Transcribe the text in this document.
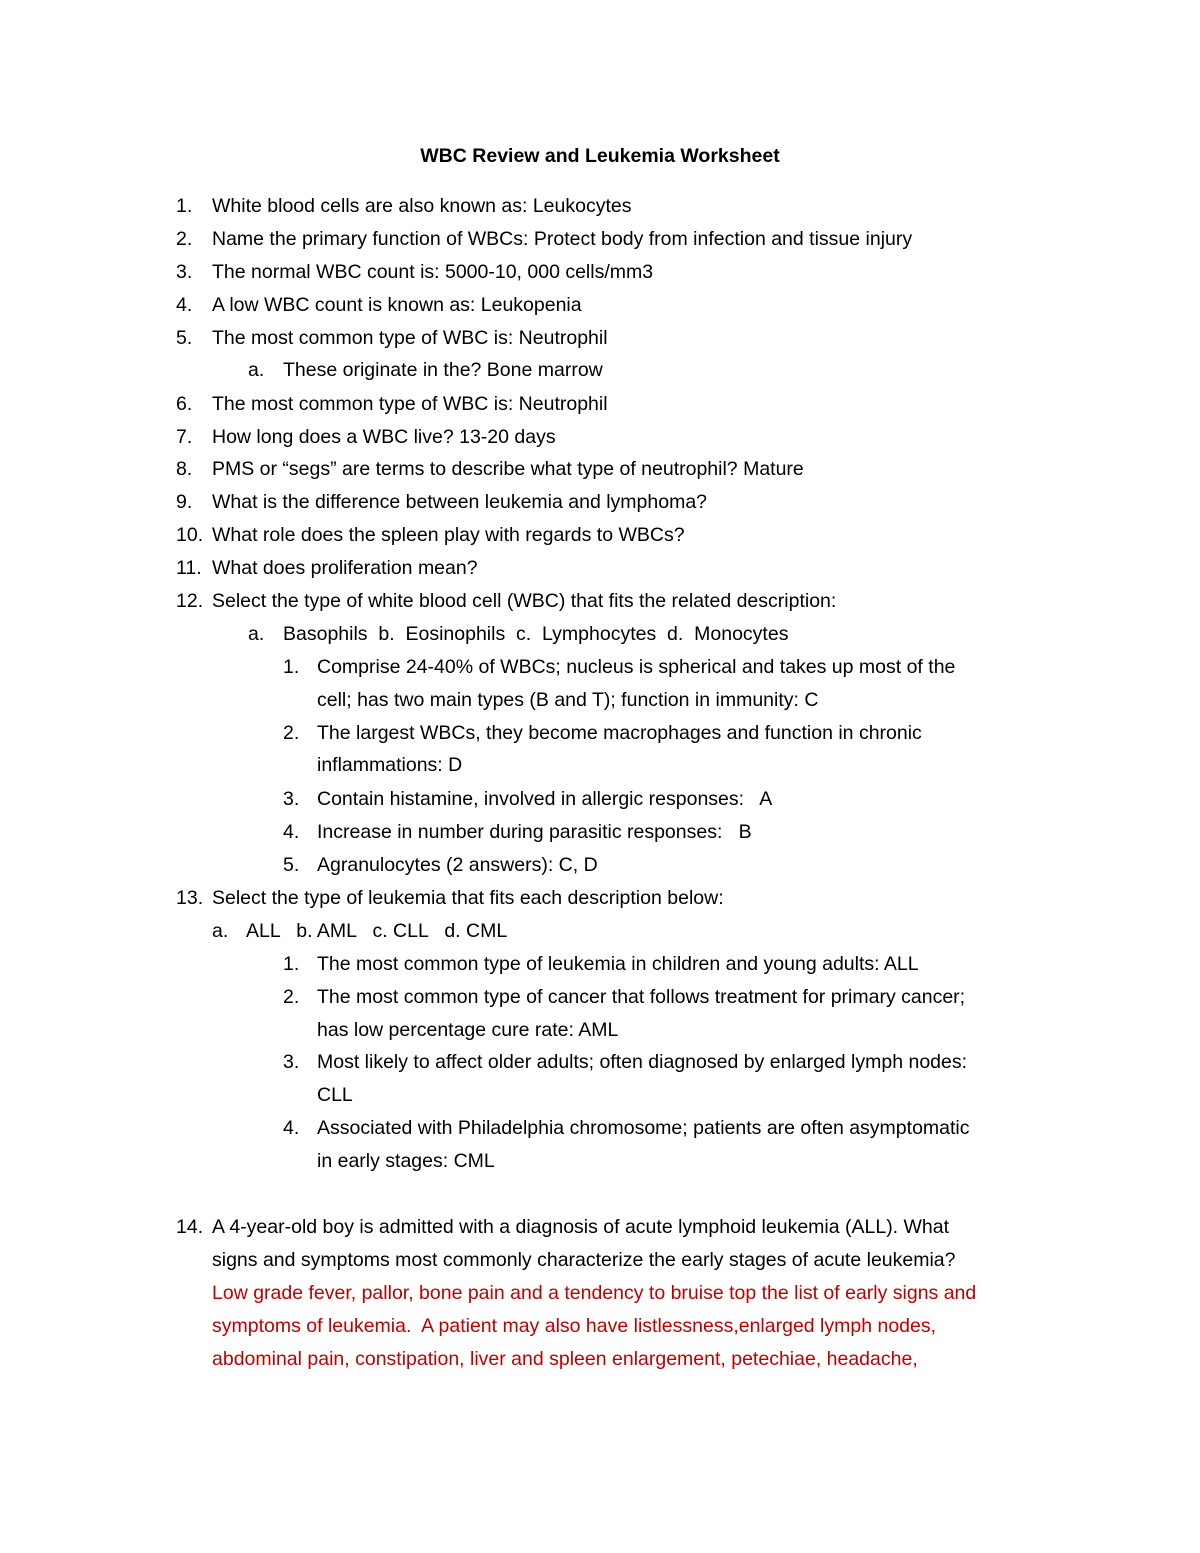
WBC Review and Leukemia Worksheet
1. White blood cells are also known as: Leukocytes
2. Name the primary function of WBCs: Protect body from infection and tissue injury
3. The normal WBC count is: 5000-10, 000 cells/mm3
4. A low WBC count is known as: Leukopenia
5. The most common type of WBC is: Neutrophil
a. These originate in the? Bone marrow
6. The most common type of WBC is: Neutrophil
7. How long does a WBC live? 13-20 days
8. PMS or “segs” are terms to describe what type of neutrophil? Mature
9. What is the difference between leukemia and lymphoma?
10. What role does the spleen play with regards to WBCs?
11. What does proliferation mean?
12. Select the type of white blood cell (WBC) that fits the related description:
a. Basophils  b.  Eosinophils  c.  Lymphocytes  d.  Monocytes
1. Comprise 24-40% of WBCs; nucleus is spherical and takes up most of the
cell; has two main types (B and T); function in immunity: C
2. The largest WBCs, they become macrophages and function in chronic
inflammations: D
3. Contain histamine, involved in allergic responses:   A
4. Increase in number during parasitic responses:   B
5. Agranulocytes (2 answers): C, D
13. Select the type of leukemia that fits each description below:
a. ALL   b. AML   c. CLL   d. CML
1. The most common type of leukemia in children and young adults: ALL
2. The most common type of cancer that follows treatment for primary cancer;
has low percentage cure rate: AML
3. Most likely to affect older adults; often diagnosed by enlarged lymph nodes:
CLL
4. Associated with Philadelphia chromosome; patients are often asymptomatic
in early stages: CML
14. A 4-year-old boy is admitted with a diagnosis of acute lymphoid leukemia (ALL). What
signs and symptoms most commonly characterize the early stages of acute leukemia?
Low grade fever, pallor, bone pain and a tendency to bruise top the list of early signs and
symptoms of leukemia.  A patient may also have listlessness,enlarged lymph nodes,
abdominal pain, constipation, liver and spleen enlargement, petechiae, headache,
